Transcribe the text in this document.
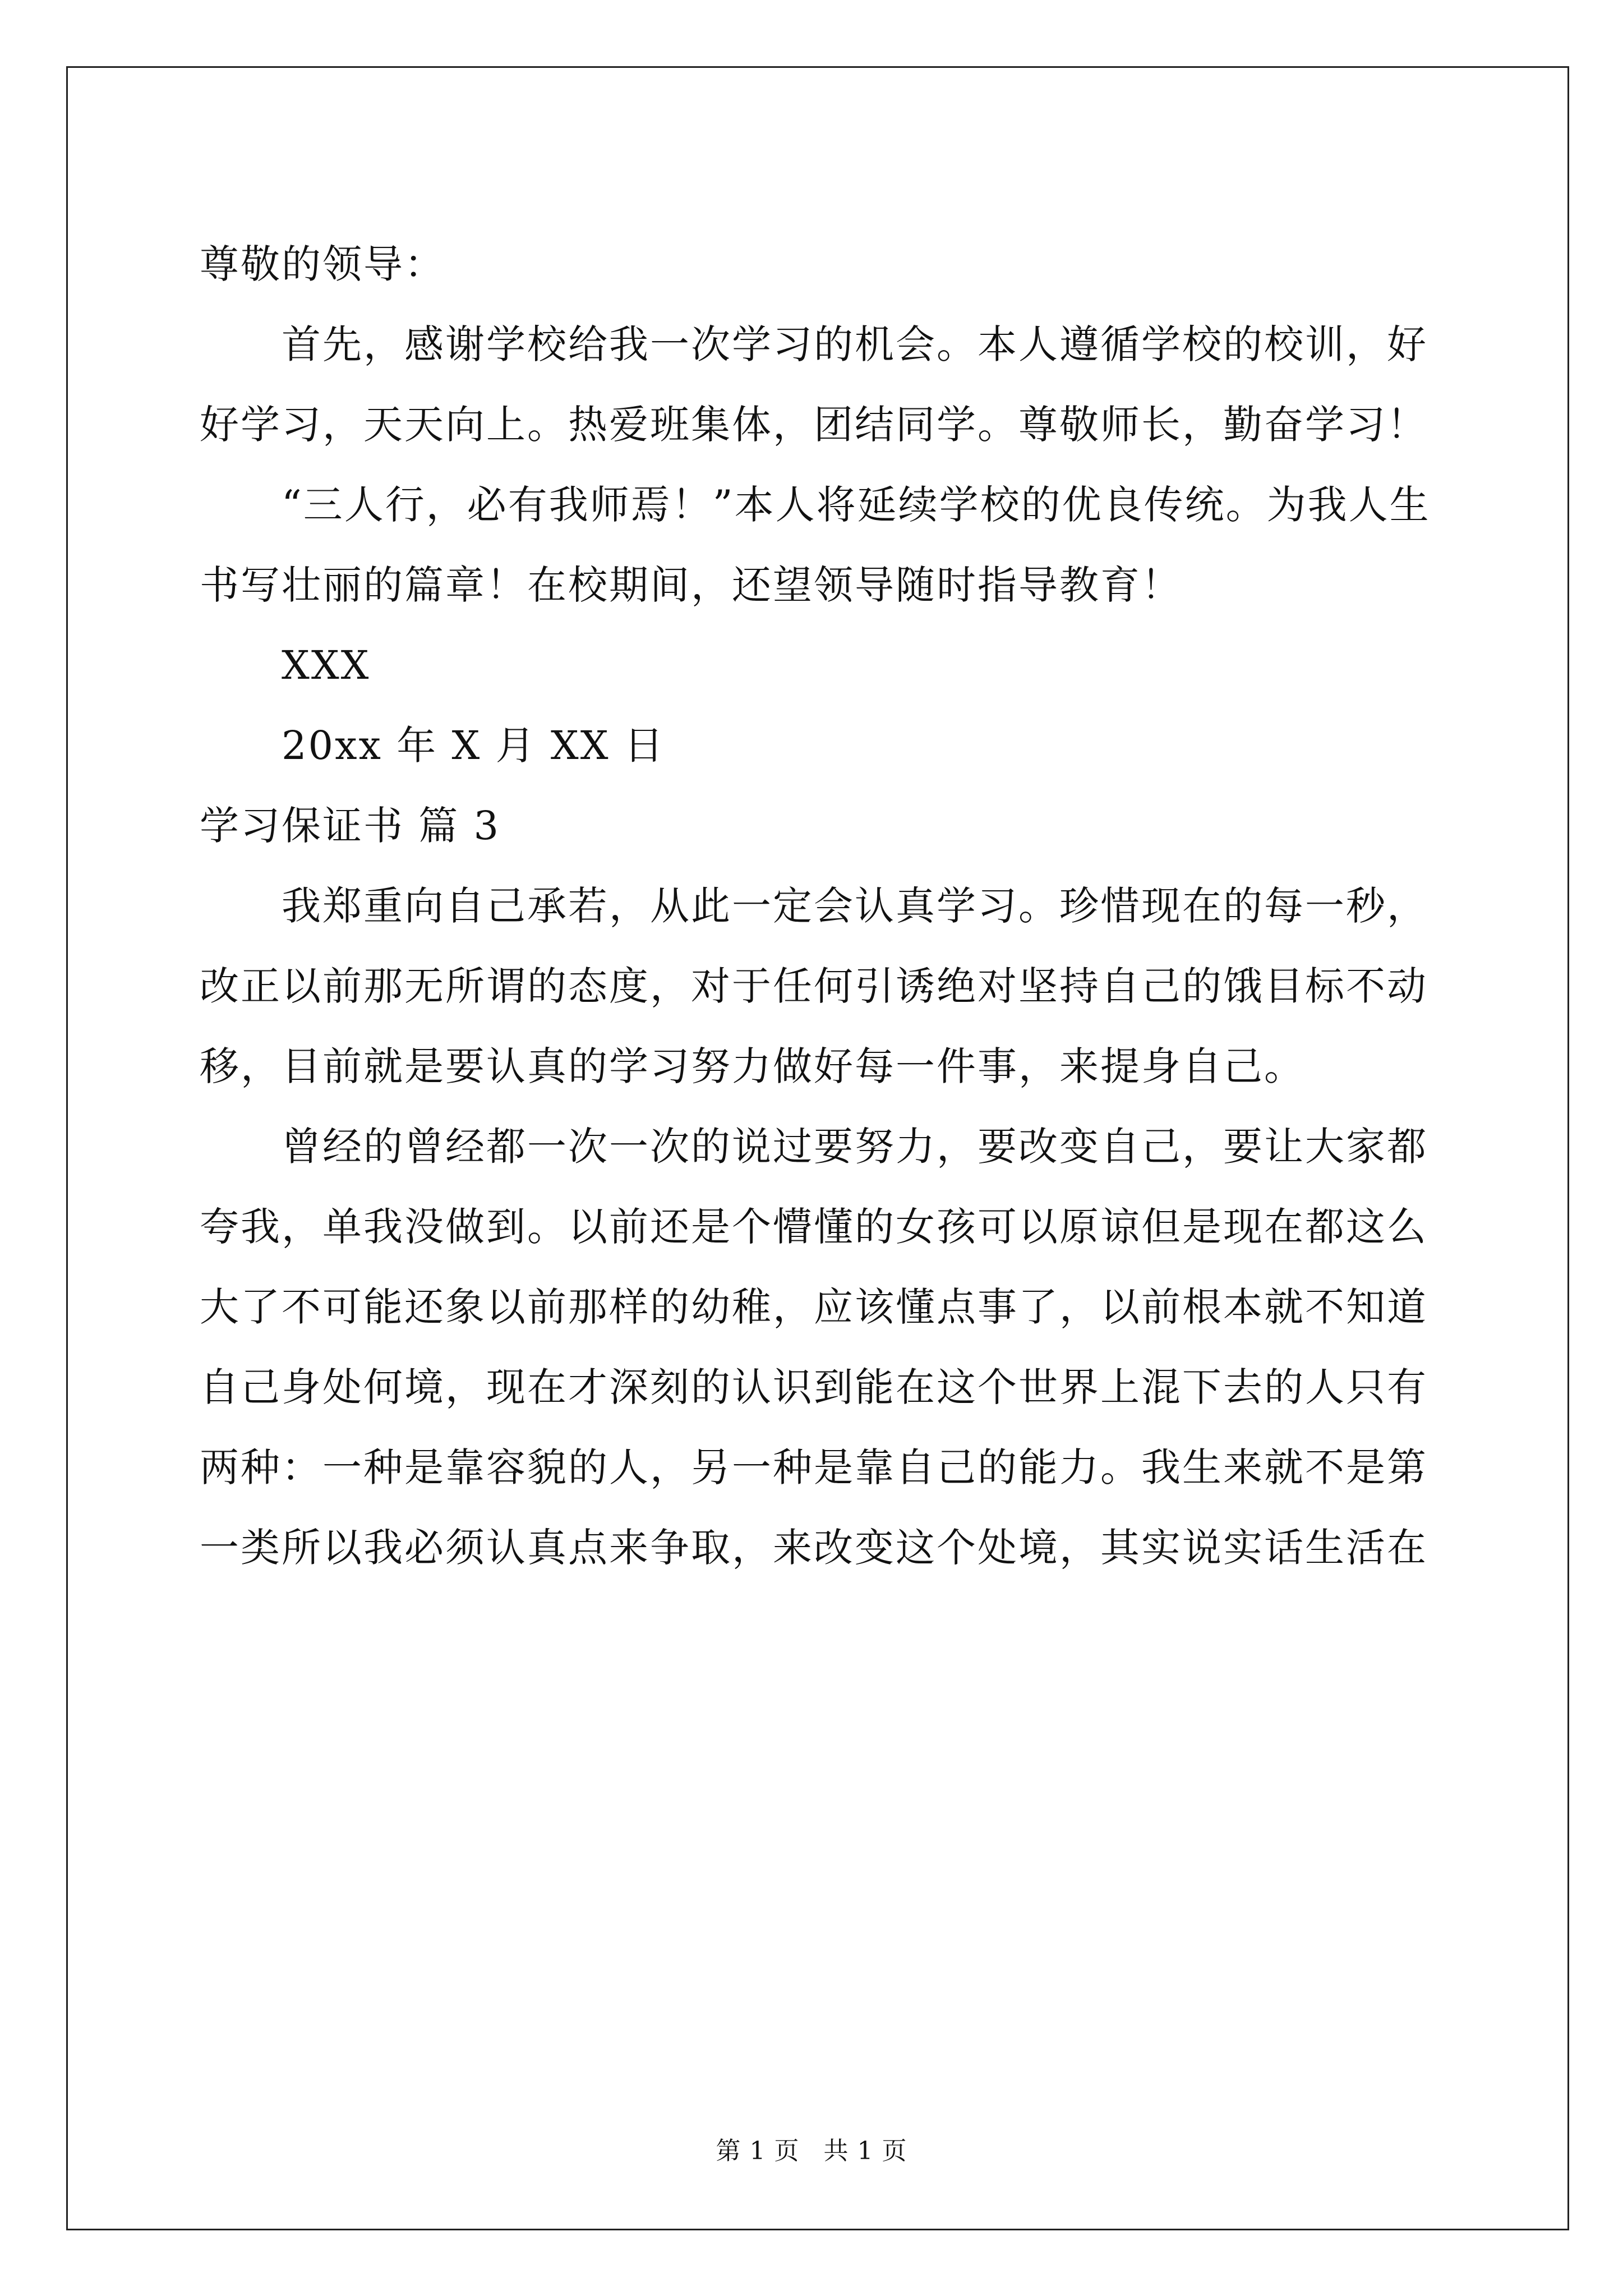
尊敬的领导：
首先，感谢学校给我一次学习的机会。本人遵循学校的校训，好
好学习，天天向上。热爱班集体，团结同学。尊敬师长，勤奋学习！
“三人行，必有我师焉！”本人将延续学校的优良传统。为我人生
书写壮丽的篇章！在校期间，还望领导随时指导教育！
XXX
20xx 年 X 月 XX 日
学习保证书 篇 3
我郑重向自己承若，从此一定会认真学习。珍惜现在的每一秒，
改正以前那无所谓的态度，对于任何引诱绝对坚持自己的饿目标不动
移，目前就是要认真的学习努力做好每一件事，来提身自己。
曾经的曾经都一次一次的说过要努力，要改变自己，要让大家都
夸我，单我没做到。以前还是个懵懂的女孩可以原谅但是现在都这么
大了不可能还象以前那样的幼稚，应该懂点事了，以前根本就不知道
自己身处何境，现在才深刻的认识到能在这个世界上混下去的人只有
两种：一种是靠容貌的人，另一种是靠自己的能力。我生来就不是第
一类所以我必须认真点来争取，来改变这个处境，其实说实话生活在
第 1 页 共 1 页
